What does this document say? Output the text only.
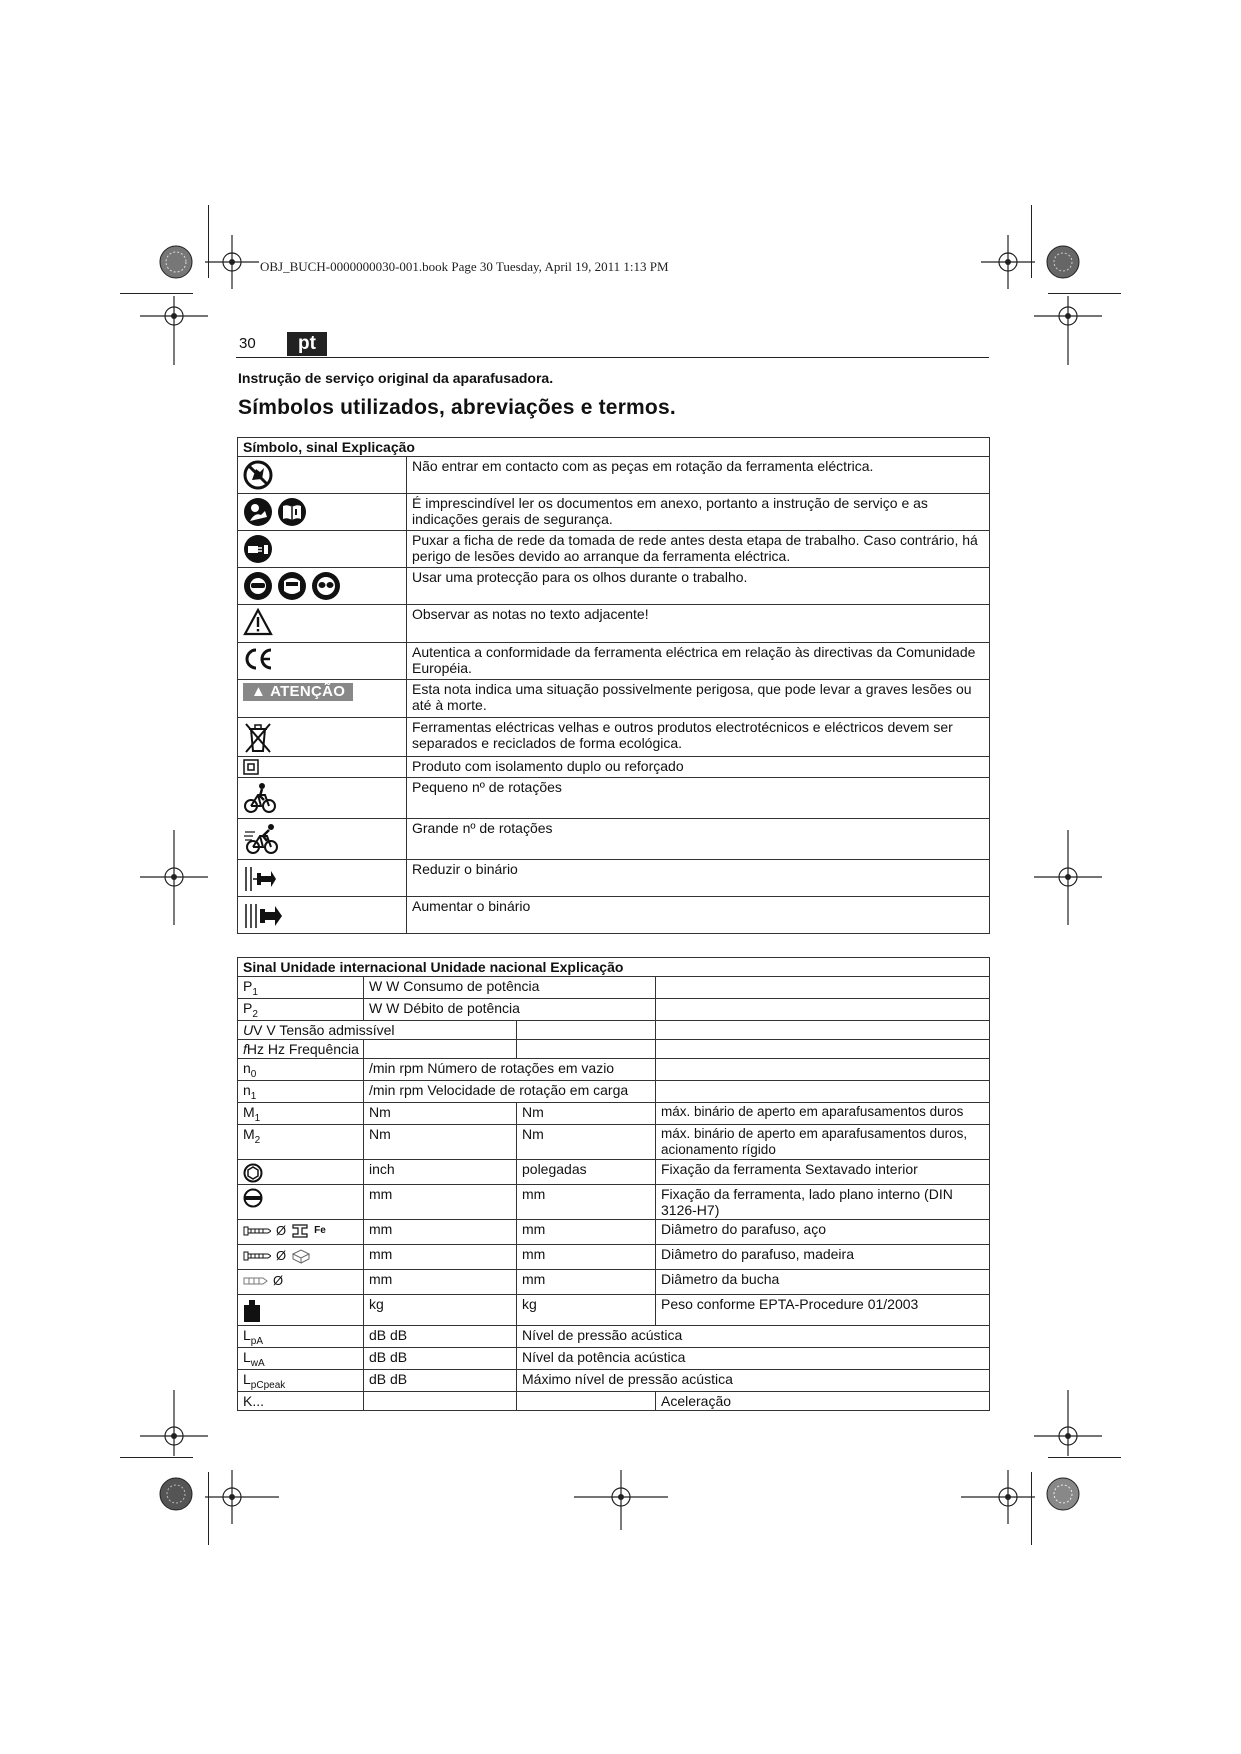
OBJ_BUCH-0000000030-001.book Page 30 Tuesday, April 19, 2011 1:13 PM
30	pt
Instrução de serviço original da aparafusadora.
Símbolos utilizados, abreviações e termos.
Símbolo, sinal Explicação	

	Não entrar em contacto com as peças em rotação da ferramenta eléctrica.

	É imprescindível ler os documentos em anexo, portanto a instrução de serviço e as indicações gerais de segurança.

	Puxar a ficha de rede da tomada de rede antes desta etapa de trabalho. Caso contrário, há perigo de lesões devido ao arranque da ferramenta eléctrica.

	Usar uma protecção para os olhos durante o trabalho.

	Observar as notas no texto adjacente!

	Autentica a conformidade da ferramenta eléctrica em relação às directivas da Comunidade Européia.

▲ ATENÇÃO	Esta nota indica uma situação possivelmente perigosa, que pode levar a graves lesões ou até à morte.

	Ferramentas eléctricas velhas e outros produtos electrotécnicos e eléctricos devem ser separados e reciclados de forma ecológica.

	Produto com isolamento duplo ou reforçado

	Pequeno nº de rotações

	Grande nº de rotações

	Reduzir o binário

	Aumentar o binário
Sinal Unidade internacional Unidade nacional Explicação			
$P_1$	W W Consumo de potência		
$P_2$	W W Débito de potência		
UV V Tensão admissível			
fHz Hz Frequência			
$n_0$	/min rpm Número de rotações em vazio		
$n_1$	/min rpm Velocidade de rotação em carga		
$M_1$	Nm	Nm	máx. binário de aperto em aparafusamentos duros
$M_2$	Nm	Nm	máx. binário de aperto em aparafusamentos duros, acionamento rígido

	inch	polegadas	Fixação da ferramenta Sextavado interior

	mm	mm	Fixação da ferramenta, lado plano interno (DIN 3126-H7)

Ø Fe	mm	mm	Diâmetro do parafuso, aço

Ø	mm	mm	Diâmetro do parafuso, madeira

Ø	mm	mm	Diâmetro da bucha

	kg	kg	Peso conforme EPTA-Procedure 01/2003
$L_{pA}$	dB dB	Nível de pressão acústica	
$L_{wA}$	dB dB	Nível da potência acústica	
$L_{pCpeak}$	dB dB	Máximo nível de pressão acústica	
K...			Aceleração
